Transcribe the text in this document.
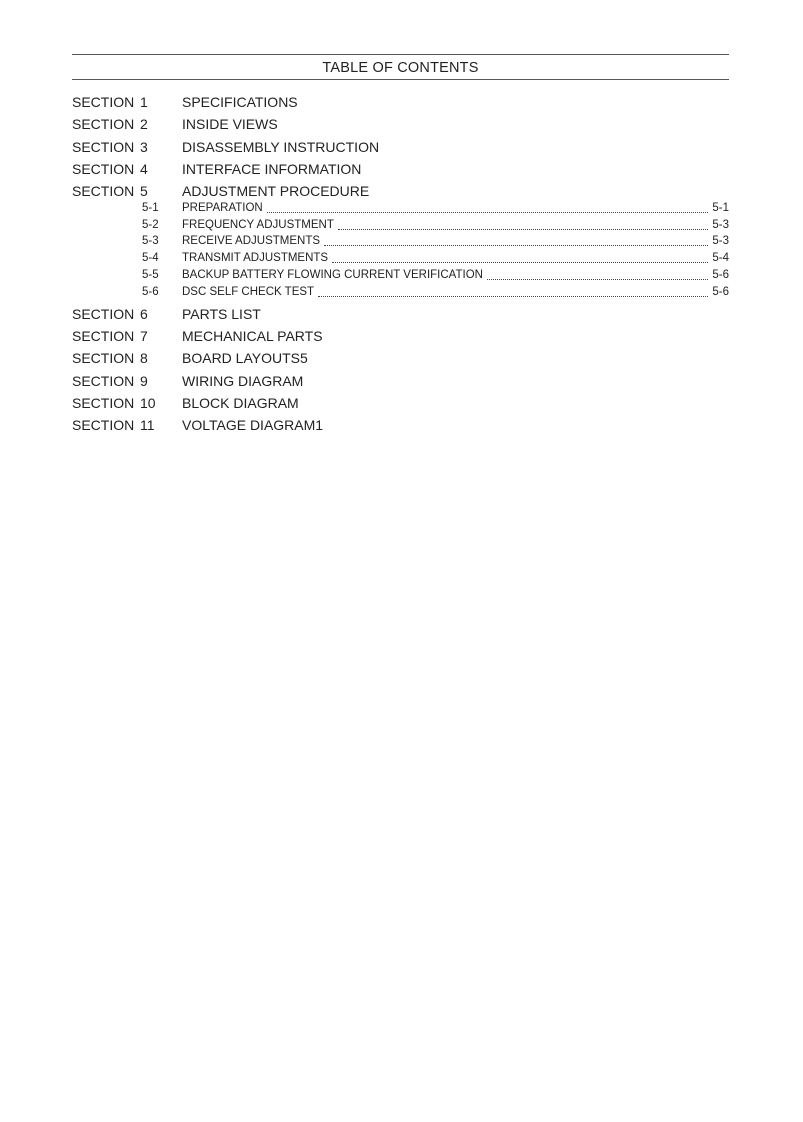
TABLE OF CONTENTS
SECTION 1 SPECIFICATIONS
SECTION 2 INSIDE VIEWS
SECTION 3 DISASSEMBLY INSTRUCTION
SECTION 4 INTERFACE INFORMATION
SECTION 5 ADJUSTMENT PROCEDURE
5-1	PREPARATION	5-1
5-2	FREQUENCY ADJUSTMENT	5-3
5-3	RECEIVE ADJUSTMENTS	5-3
5-4	TRANSMIT ADJUSTMENTS	5-4
5-5	BACKUP BATTERY FLOWING CURRENT VERIFICATION	5-6
5-6	DSC SELF CHECK TEST	5-6
SECTION 6 PARTS LIST
SECTION 7 MECHANICAL PARTS
SECTION 8 BOARD LAYOUTS5
SECTION 9 WIRING DIAGRAM
SECTION 10 BLOCK DIAGRAM
SECTION 11 VOLTAGE DIAGRAM1
